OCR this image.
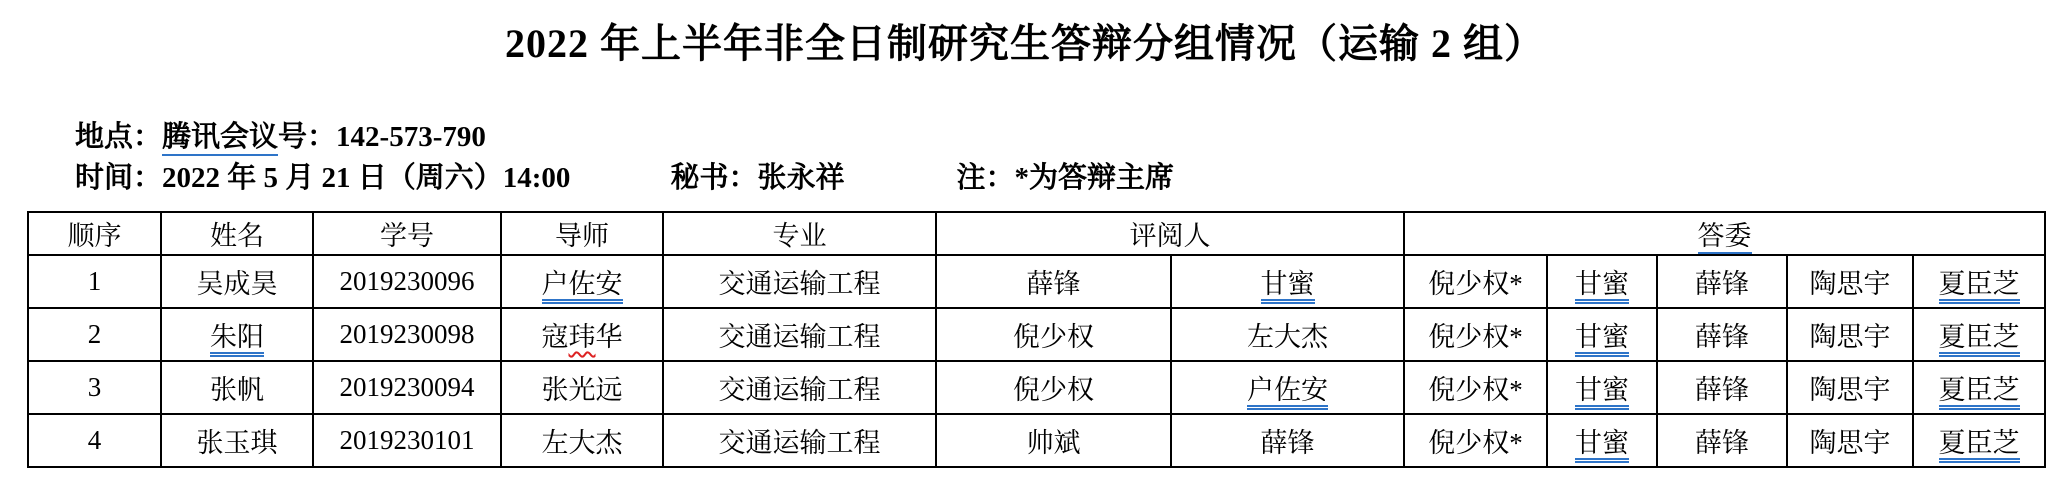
2022 年上半年非全日制研究生答辩分组情况（运输 2 组）
地点：腾讯会议号：142-573-790
时间：2022 年 5 月 21 日（周六）14:00	秘书：张永祥	注：*为答辩主席
顺序	姓名	学号	导师	专业	评阅人		答委				
1	吴成昊	2019230096	户佐安	交通运输工程	薛锋	甘蜜	倪少权*	甘蜜	薛锋	陶思宇	夏臣芝
2	朱阳	2019230098	寇玮华	交通运输工程	倪少权	左大杰	倪少权*	甘蜜	薛锋	陶思宇	夏臣芝
3	张帆	2019230094	张光远	交通运输工程	倪少权	户佐安	倪少权*	甘蜜	薛锋	陶思宇	夏臣芝
4	张玉琪	2019230101	左大杰	交通运输工程	帅斌	薛锋	倪少权*	甘蜜	薛锋	陶思宇	夏臣芝
